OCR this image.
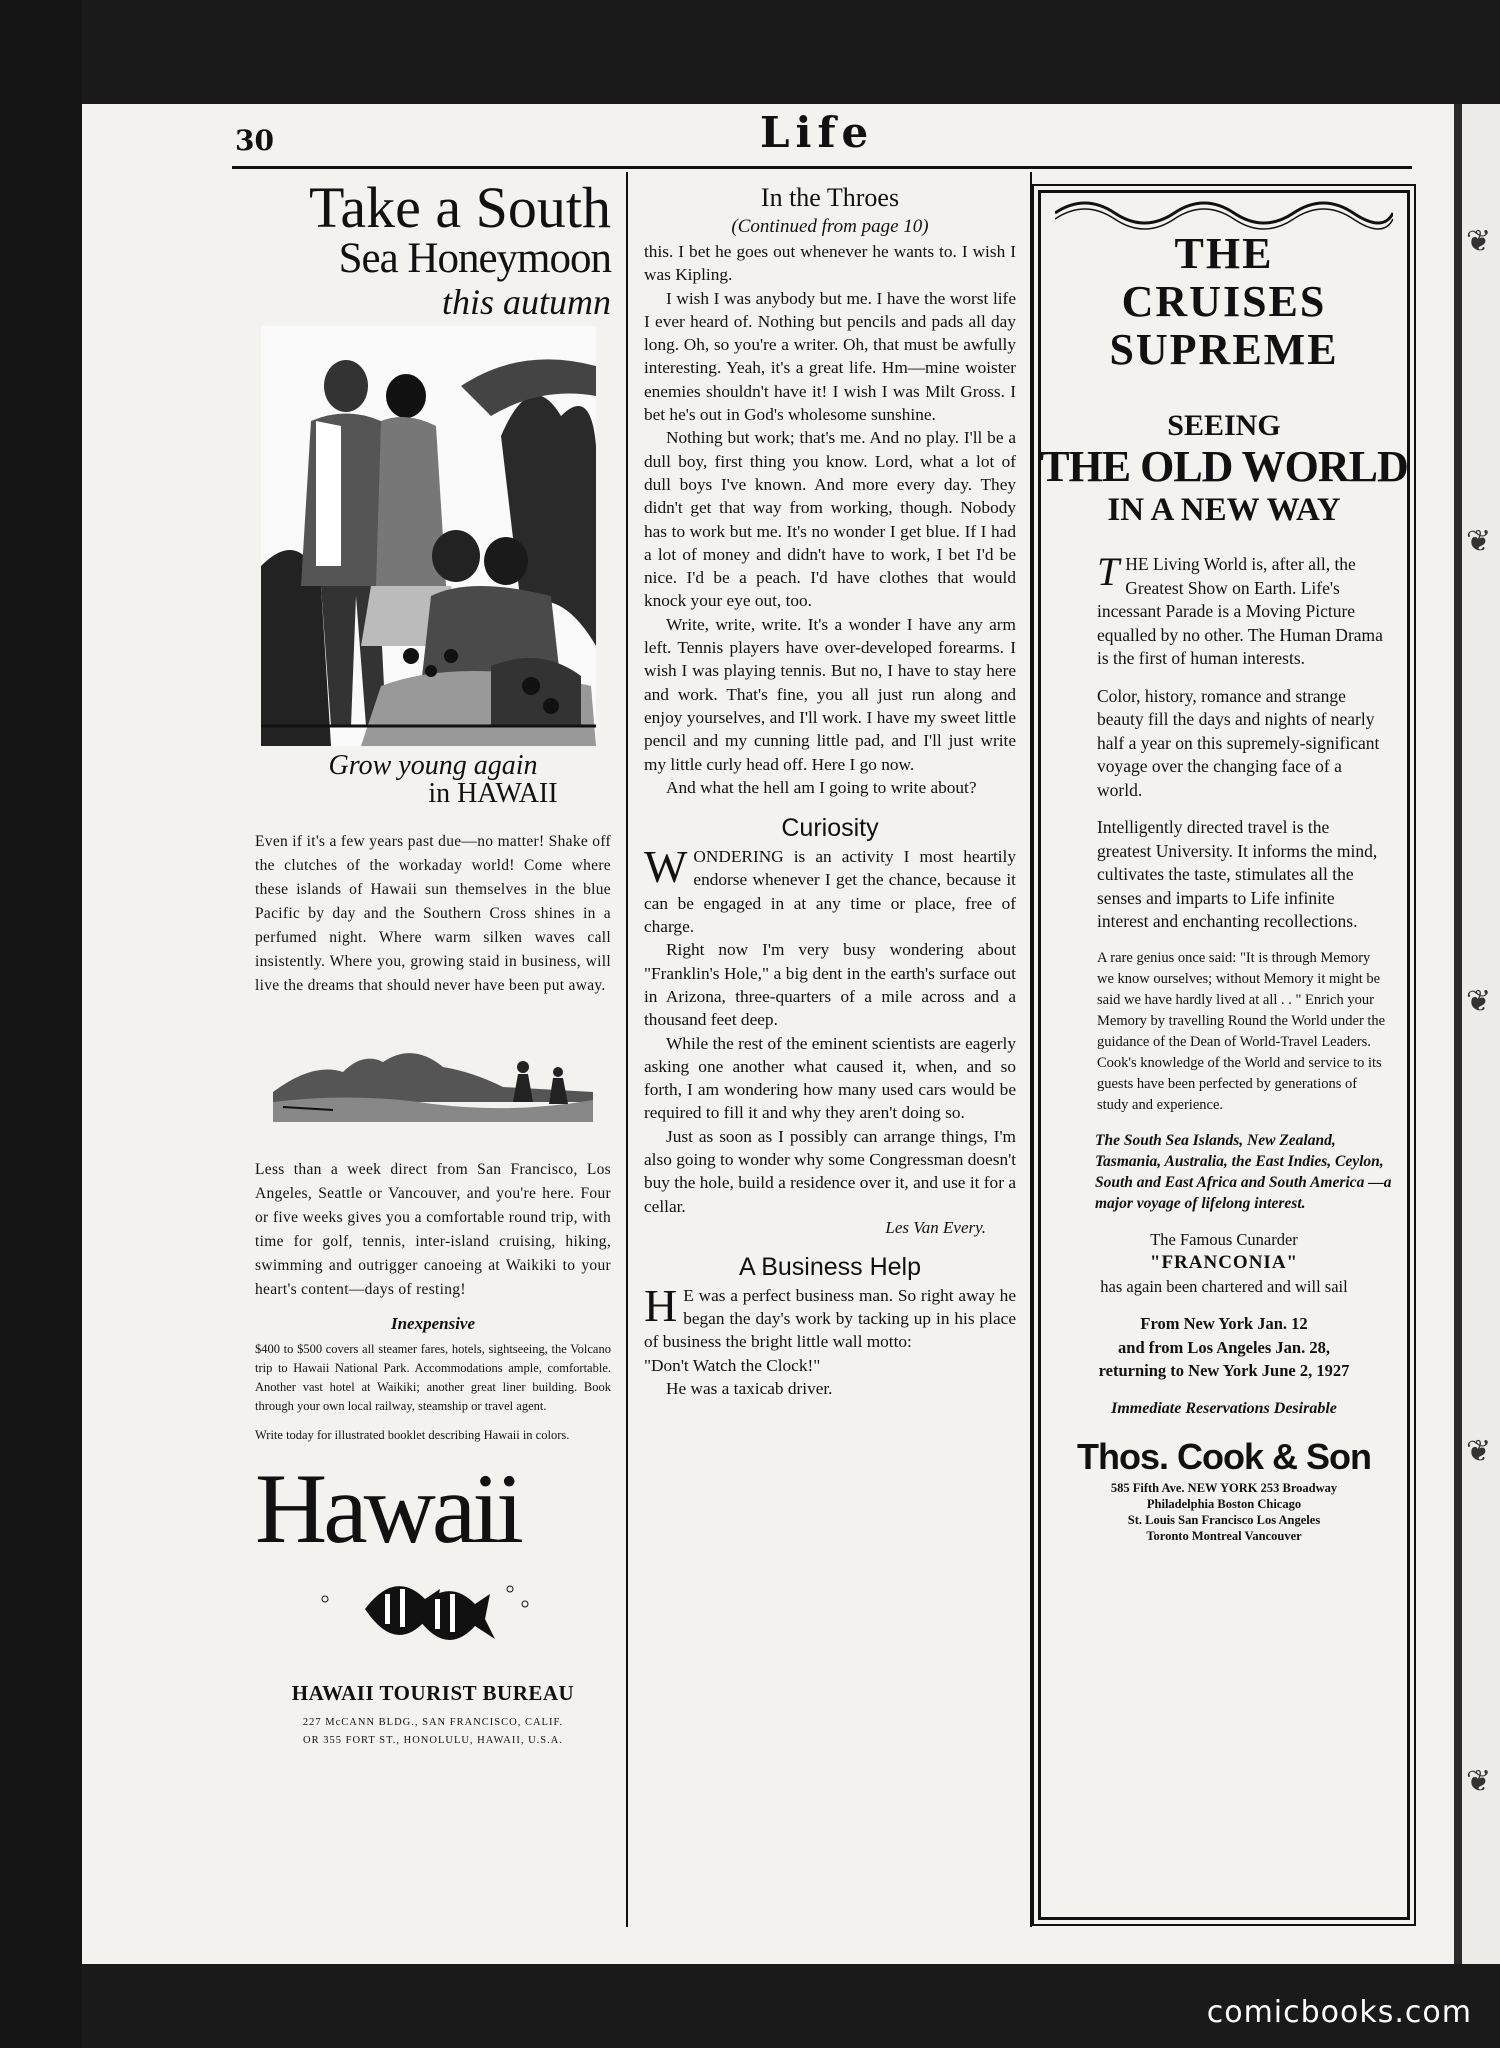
❦
❦
❦
❦
❦
30	Life
Take a South
Sea Honeymoon
this autumn
Grow young again
in HAWAII
Even if it's a few years past due—no matter! Shake off the clutches of the workaday world! Come where these islands of Hawaii sun themselves in the blue Pacific by day and the Southern Cross shines in a perfumed night. Where warm silken waves call insistently. Where you, growing staid in business, will live the dreams that should never have been put away.
Less than a week direct from San Francisco, Los Angeles, Seattle or Vancouver, and you're here. Four or five weeks gives you a comfortable round trip, with time for golf, tennis, inter-island cruising, hiking, swimming and outrigger canoeing at Waikiki to your heart's content—days of resting!
Inexpensive
$400 to $500 covers all steamer fares, hotels, sightseeing, the Volcano trip to Hawaii National Park. Accommodations ample, comfortable. Another vast hotel at Waikiki; another great liner building. Book through your own local railway, steamship or travel agent.
Write today for illustrated booklet describing Hawaii in colors.
Hawaii
HAWAII TOURIST BUREAU
227 McCANN BLDG., SAN FRANCISCO, CALIF.
OR 355 FORT ST., HONOLULU, HAWAII, U.S.A.
In the Throes
(Continued from page 10)

this. I bet he goes out whenever he wants to. I wish I was Kipling.

I wish I was anybody but me. I have the worst life I ever heard of. Nothing but pencils and pads all day long. Oh, so you're a writer. Oh, that must be awfully interesting. Yeah, it's a great life. Hm—mine woister enemies shouldn't have it! I wish I was Milt Gross. I bet he's out in God's wholesome sunshine.

Nothing but work; that's me. And no play. I'll be a dull boy, first thing you know. Lord, what a lot of dull boys I've known. And more every day. They didn't get that way from working, though. Nobody has to work but me. It's no wonder I get blue. If I had a lot of money and didn't have to work, I bet I'd be nice. I'd be a peach. I'd have clothes that would knock your eye out, too.

Write, write, write. It's a wonder I have any arm left. Tennis players have over-developed forearms. I wish I was playing tennis. But no, I have to stay here and work. That's fine, you all just run along and enjoy yourselves, and I'll work. I have my sweet little pencil and my cunning little pad, and I'll just write my little curly head off. Here I go now.

And what the hell am I going to write about?

Curiosity

WONDERING is an activity I most heartily endorse whenever I get the chance, because it can be engaged in at any time or place, free of charge.

Right now I'm very busy wondering about "Franklin's Hole," a big dent in the earth's surface out in Arizona, three-quarters of a mile across and a thousand feet deep.

While the rest of the eminent scientists are eagerly asking one another what caused it, when, and so forth, I am wondering how many used cars would be required to fill it and why they aren't doing so.

Just as soon as I possibly can arrange things, I'm also going to wonder why some Congressman doesn't buy the hole, build a residence over it, and use it for a cellar.

Les Van Every.
A Business Help

H E was a perfect business man. So right away he began the day's work by tacking up in his place of business the bright little wall motto:

"Don't Watch the Clock!"

He was a taxicab driver.

THE
CRUISES
SUPREME
SEEING
THE OLD WORLD
IN A NEW WAY

THE Living World is, after all, the Greatest Show on Earth. Life's incessant Parade is a Moving Picture equalled by no other. The Human Drama is the first of human interests.

Color, history, romance and strange beauty fill the days and nights of nearly half a year on this supremely-significant voyage over the changing face of a world.

Intelligently directed travel is the greatest University. It informs the mind, cultivates the taste, stimulates all the senses and imparts to Life infinite interest and enchanting recollections.

A rare genius once said: "It is through Memory we know ourselves; without Memory it might be said we have hardly lived at all . . " Enrich your Memory by travelling Round the World under the guidance of the Dean of World-Travel Leaders. Cook's knowledge of the World and service to its guests have been perfected by generations of study and experience.

The South Sea Islands, New Zealand, Tasmania, Australia, the East Indies, Ceylon, South and East Africa and South America —a major voyage of lifelong interest.

The Famous Cunarder

"FRANCONIA"

has again been chartered and will sail

From New York Jan. 12

and from Los Angeles Jan. 28,

returning to New York June 2, 1927

Immediate Reservations Desirable

Thos. Cook & Son

585 Fifth Ave. NEW YORK 253 Broadway

Philadelphia Boston Chicago

St. Louis San Francisco Los Angeles

Toronto Montreal Vancouver

comicbooks.com
